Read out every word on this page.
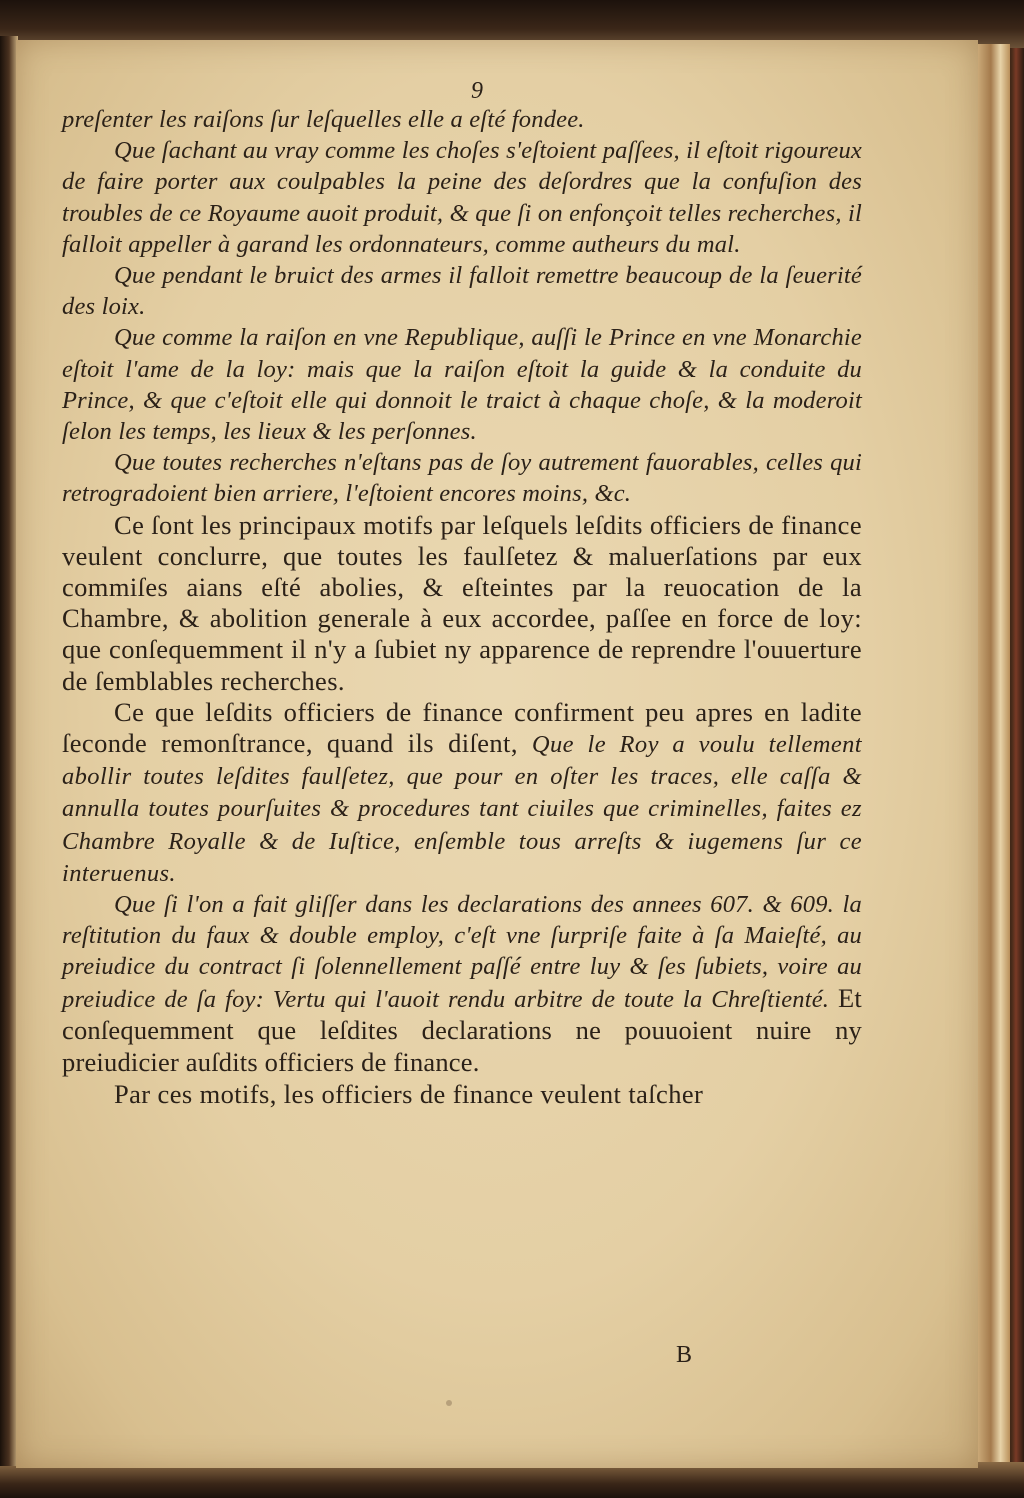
9

preſenter les raiſons ſur leſquelles elle a eſté fondee.

Que ſachant au vray comme les choſes s'eſtoient paſſees, il eſtoit rigoureux de faire porter aux coulpables la peine des deſordres que la confuſion des troubles de ce Royaume auoit produit, & que ſi on enfonçoit telles recherches, il falloit appeller à garand les ordonnateurs, comme autheurs du mal.

Que pendant le bruict des armes il falloit remettre beaucoup de la ſeuerité des loix.

Que comme la raiſon en vne Republique, auſſi le Prince en vne Monarchie eſtoit l'ame de la loy: mais que la raiſon eſtoit la guide & la conduite du Prince, & que c'eſtoit elle qui donnoit le traict à chaque choſe, & la moderoit ſelon les temps, les lieux & les perſonnes.

Que toutes recherches n'eſtans pas de ſoy autrement fauorables, celles qui retrogradoient bien arriere, l'eſtoient encores moins, &c.

Ce ſont les principaux motifs par leſquels leſdits officiers de finance veulent conclurre, que toutes les faulſetez & maluerſations par eux commiſes aians eſté abolies, & eſteintes par la reuocation de la Chambre, & abolition generale à eux accordee, paſſee en force de loy: que conſequemment il n'y a ſubiet ny apparence de reprendre l'ouuerture de ſemblables recherches.

Ce que leſdits officiers de finance confirment peu apres en ladite ſeconde remonſtrance, quand ils diſent, Que le Roy a voulu tellement abollir toutes leſdites faulſetez, que pour en oſter les traces, elle caſſa & annulla toutes pourſuites & procedures tant ciuiles que criminelles, faites ez Chambre Royalle & de Iuſtice, enſemble tous arreſts & iugemens ſur ce interuenus.

Que ſi l'on a fait gliſſer dans les declarations des annees 607. & 609. la reſtitution du faux & double employ, c'eſt vne ſurpriſe faite à ſa Maieſté, au preiudice du contract ſi ſolennellement paſſé entre luy & ſes ſubiets, voire au preiudice de ſa foy: Vertu qui l'auoit rendu arbitre de toute la Chreſtienté. Et conſequemment que leſdites declarations ne pouuoient nuire ny preiudicier auſdits officiers de finance.

Par ces motifs, les officiers de finance veulent taſcher

B
